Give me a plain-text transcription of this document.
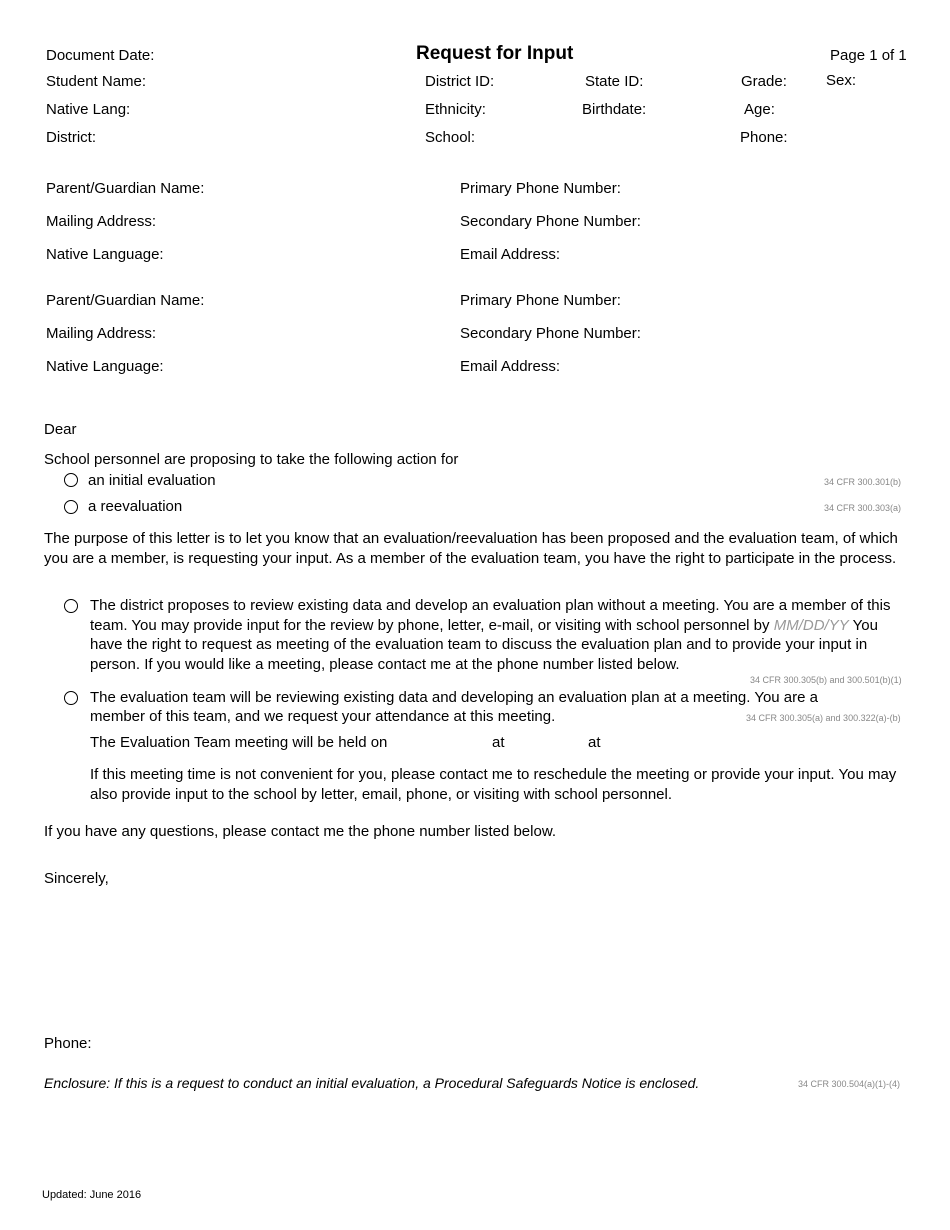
Document Date:	Request for Input	Page 1 of 1
Student Name:	District ID:	State ID:	Grade:	Sex:
Native Lang:	Ethnicity:	Birthdate:	Age:
District:	School:	Phone:
Parent/Guardian Name:	Primary Phone Number:
Mailing Address:	Secondary Phone Number:
Native Language:	Email Address:
Parent/Guardian Name:	Primary Phone Number:
Mailing Address:	Secondary Phone Number:
Native Language:	Email Address:
Dear
School personnel are proposing to take the following action for
an initial evaluation	34 CFR 300.301(b)
a reevaluation	34 CFR 300.303(a)
The purpose of this letter is to let you know that an evaluation/reevaluation has been proposed and the evaluation team, of which you are a member, is requesting your input. As a member of the evaluation team, you have the right to participate in the process.
The district proposes to review existing data and develop an evaluation plan without a meeting. You are a member of this team. You may provide input for the review by phone, letter, e-mail, or visiting with school personnel by MM/DD/YY You have the right to request as meeting of the evaluation team to discuss the evaluation plan and to provide your input in person. If you would like a meeting, please contact me at the phone number listed below.
34 CFR 300.305(b) and 300.501(b)(1)
The evaluation team will be reviewing existing data and developing an evaluation plan at a meeting. You are a
member of this team, and we request your attendance at this meeting.	34 CFR 300.305(a) and 300.322(a)-(b)
The Evaluation Team meeting will be held on	at	at
If this meeting time is not convenient for you, please contact me to reschedule the meeting or provide your input. You may also provide input to the school by letter, email, phone, or visiting with school personnel.
If you have any questions, please contact me the phone number listed below.
Sincerely,
Phone:
Enclosure: If this is a request to conduct an initial evaluation, a Procedural Safeguards Notice is enclosed.	34 CFR 300.504(a)(1)-(4)
Updated: June 2016
